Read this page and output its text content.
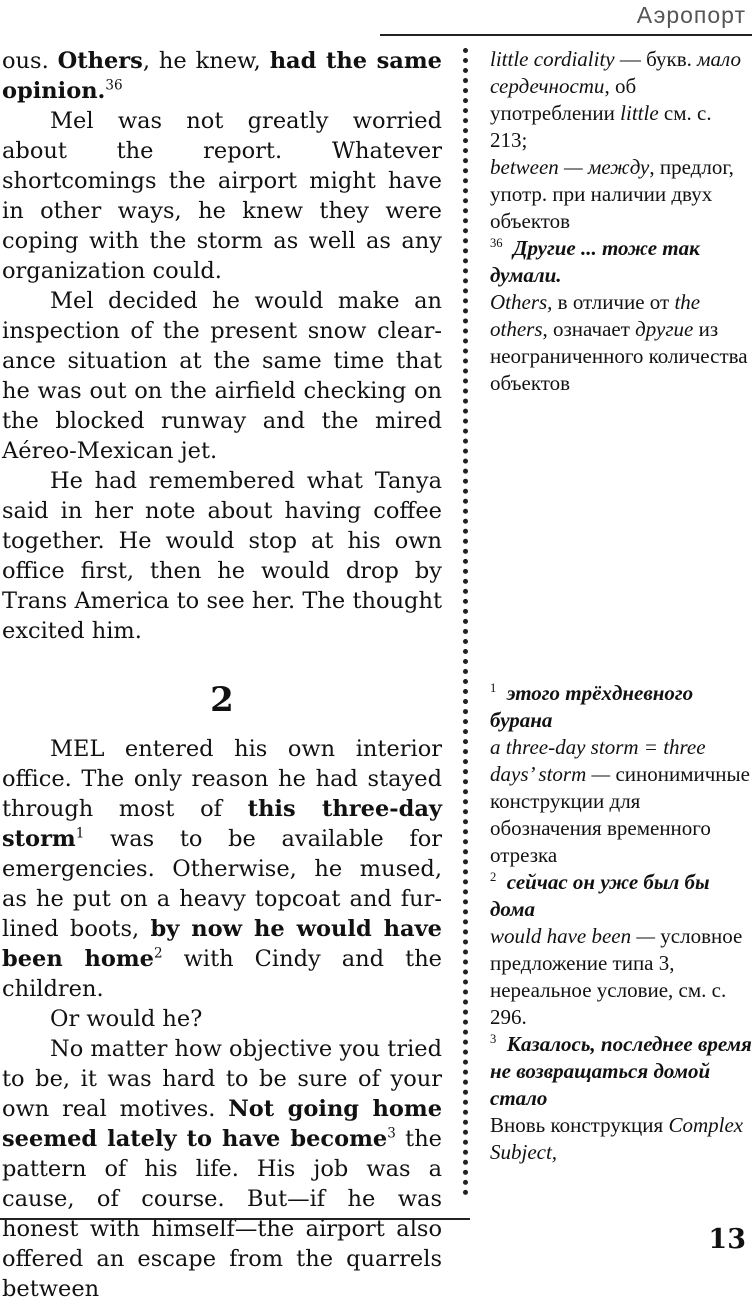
Аэропорт

ous. Others, he knew, had the same opinion.$^{36}$

Mel was not greatly worried about the report. Whatever shortcomings the airport might have in other ways, he knew they were coping with the storm as well as any organization could.

Mel decided he would make an inspection of the present snow clearance situation at the same time that he was out on the airfield checking on the blocked runway and the mired Aéreo-Mexican jet.

He had remembered what Tanya said in her note about having coffee together. He would stop at his own office first, then he would drop by Trans America to see her. The thought excited him.

2

MEL entered his own interior office. The only reason he had stayed through most of this three-day storm$^1$ was to be available for emergencies. Otherwise, he mused, as he put on a heavy topcoat and fur-lined boots, by now he would have been home$^2$ with Cindy and the children.

Or would he?

No matter how objective you tried to be, it was hard to be sure of your own real motives. Not going home seemed lately to have become$^3$ the pattern of his life. His job was a cause, of course. But—if he was honest with himself—the airport also offered an escape from the quarrels between

little cordiality — букв. мало сердечности, об употреблении little см. с. 213;

between — между, предлог, употр. при наличии двух объектов

$^{36}$ Другие ... тоже так думали.

Others, в отличие от the others, означает другие из неограниченного количества объектов

$^1$ этого трёхдневного бурана

a three-day storm = three days’ storm — синонимичные конструкции для обозначения временного отрезка

$^2$ сейчас он уже был бы дома

would have been — условное предложение типа 3, нереальное условие, см. с. 296.

$^3$ Казалось, последнее время не возвращаться домой стало

Вновь конструкция Complex Subject,

13
